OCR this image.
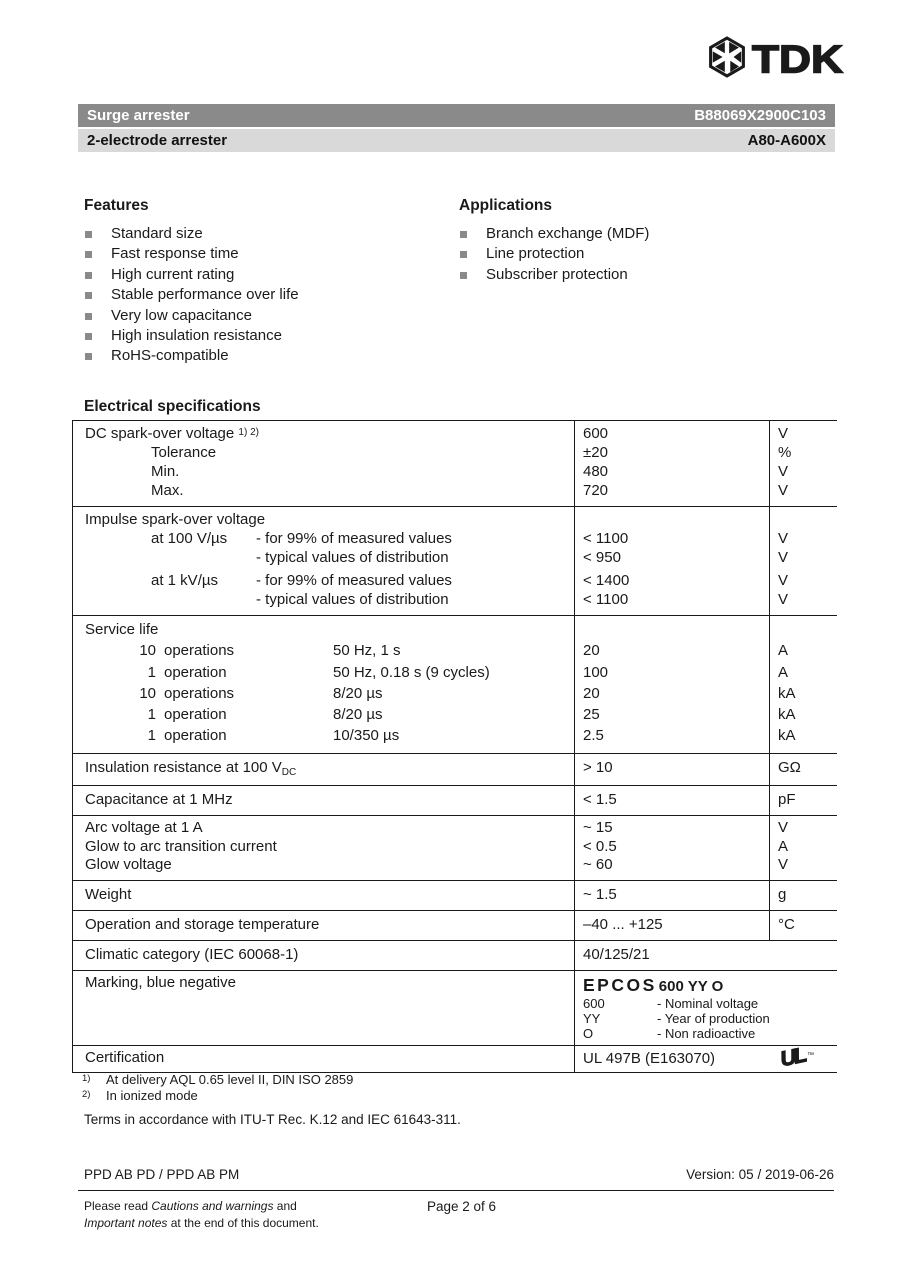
TDK
Surge arrester	B88069X2900C103
2-electrode arrester	A80-A600X
Features
Standard size
Fast response time
High current rating
Stable performance over life
Very low capacitance
High insulation resistance
RoHS-compatible
Applications
Branch exchange (MDF)
Line protection
Subscriber protection
Electrical specifications
DC spark-over voltage $^{1) 2)}$	600	V
Tolerance	±20	%
Min.	480	V
Max.	720	V
Impulse spark-over voltage
at 100 V/µs - for 99% of measured values	< 1100	V
- typical values of distribution	< 950	V
at 1 kV/µs	- for 99% of measured values	< 1400	V
- typical values of distribution	< 1100	V
Service life
10 operations	50 Hz, 1 s	20	A
1 operation	50 Hz, 0.18 s (9 cycles)	100	A
10 operations	8/20 µs	20	kA
1 operation	8/20 µs	25	kA
1 operation	10/350 µs	2.5	kA
Insulation resistance at 100 $V_{DC}$	> 10	GΩ
Capacitance at 1 MHz	< 1.5	pF
Arc voltage at 1 A	~ 15	V
Glow to arc transition current	< 0.5	A
Glow voltage	~ 60	V
Weight	~ 1.5	g
Operation and storage temperature	–40 ... +125	°C
Climatic category (IEC 60068-1)	40/125/21
Marking, blue negative	EPCOS 600 YY O
600	- Nominal voltage
YY	- Year of production
O	- Non radioactive
Certification	UL 497B (E163070)	UL™
$^{1)}$ At delivery AQL 0.65 level II, DIN ISO 2859
$^{2)}$ In ionized mode
Terms in accordance with ITU-T Rec. K.12 and IEC 61643-311.
PPD AB PD / PPD AB PM	Version: 05 / 2019-06-26
Please read Cautions and warnings and
Important notes at the end of this document.
Page 2 of 6
